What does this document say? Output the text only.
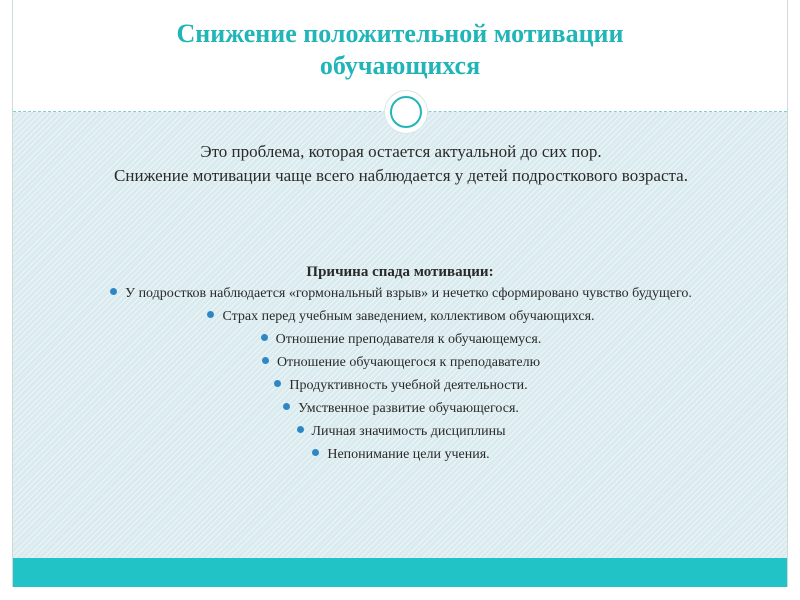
Снижение положительной мотивации
обучающихся

Это проблема, которая остается актуальной до сих пор.

Снижение мотивации чаще всего наблюдается у детей подросткового возраста.

Причина спада мотивации:
У подростков наблюдается «гормональный взрыв» и нечетко сформировано чувство будущего.
Страх перед учебным заведением, коллективом обучающихся.
Отношение преподавателя к обучающемуся.
Отношение обучающегося к преподавателю
Продуктивность учебной деятельности.
Умственное развитие обучающегося.
Личная значимость дисциплины
Непонимание цели учения.
